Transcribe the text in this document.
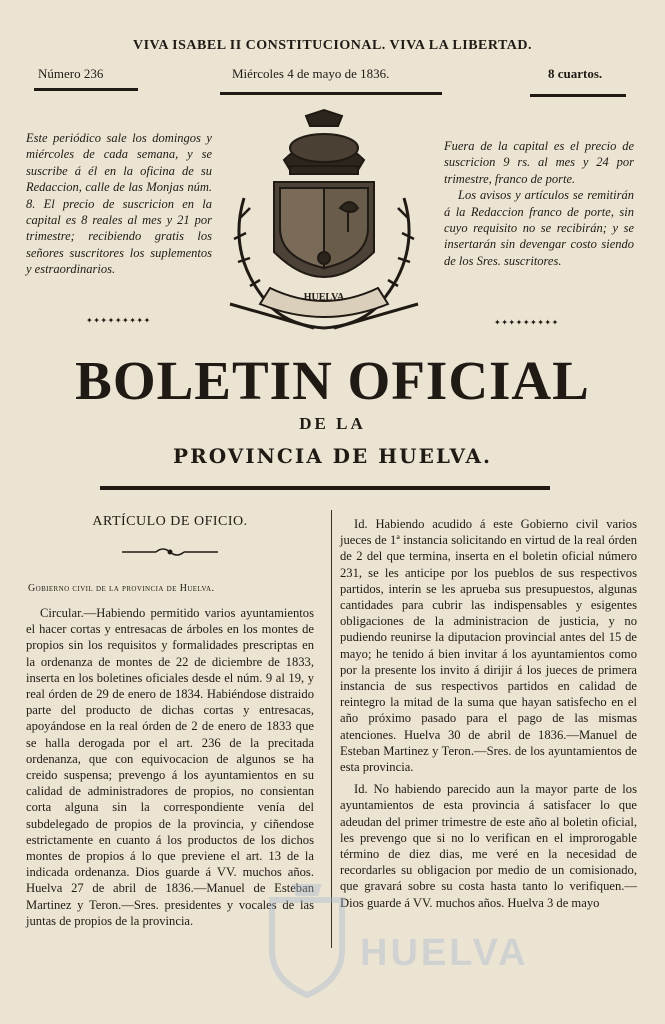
VIVA ISABEL II CONSTITUCIONAL. VIVA LA LIBERTAD.
Número 236	Miércoles 4 de mayo de 1836.	8 cuartos.
Este periódico sale los domingos y miércoles de cada semana, y se suscribe á él en la oficina de su Redaccion, calle de las Monjas núm. 8. El precio de suscricion en la capital es 8 reales al mes y 21 por trimestre; recibiendo gratis los señores suscritores los suplementos y estraordinarios.
✦✦✦✦✦✦✦✦✦

Fuera de la capital es el precio de suscricion 9 rs. al mes y 24 por trimestre, franco de porte.

Los avisos y artículos se remitirán á la Redaccion franco de porte, sin cuyo requisito no se recibirán; y se insertarán sin devengar costo siendo de los Sres. suscritores.

✦✦✦✦✦✦✦✦✦
HUELVA
BOLETIN OFICIAL
DE LA
PROVINCIA DE HUELVA.
ARTÍCULO DE OFICIO.
Gobierno civil de la provincia de Huelva.

Circular.—Habiendo permitido varios ayuntamientos el hacer cortas y entresacas de árboles en los montes de propios sin los requisitos y formalidades prescriptas en la ordenanza de montes de 22 de diciembre de 1833, inserta en los boletines oficiales desde el núm. 9 al 19, y real órden de 29 de enero de 1834. Habiéndose distraido parte del producto de dichas cortas y entresacas, apoyándose en la real órden de 2 de enero de 1833 que se halla derogada por el art. 236 de la precitada ordenanza, que con equivocacion de algunos se ha creido suspensa; prevengo á los ayuntamientos en su calidad de administradores de propios, no consientan corta alguna sin la correspondiente venía del subdelegado de propios de la provincia, y ciñendose estrictamente en cuanto á los productos de los dichos montes de propios á lo que previene el art. 13 de la indicada ordenanza. Dios guarde á VV. muchos años. Huelva 27 de abril de 1836.—Manuel de Esteban Martinez y Teron.—Sres. presidentes y vocales de las juntas de propios de la provincia.

Id. Habiendo acudido á este Gobierno civil varios jueces de 1ª instancia solicitando en virtud de la real órden de 2 del que termina, inserta en el boletin oficial número 231, se les anticipe por los pueblos de sus respectivos partidos, interin se les aprueba sus presupuestos, algunas cantidades para cubrir las indispensables y esigentes obligaciones de la administracion de justicia, y no pudiendo reunirse la diputacion provincial antes del 15 de mayo; he tenido á bien invitar á los ayuntamientos como por la presente los invito á dirijir á los jueces de primera instancia de sus respectivos partidos en calidad de reintegro la mitad de la suma que hayan satisfecho en el año próximo pasado para el pago de las mismas atenciones. Huelva 30 de abril de 1836.—Manuel de Esteban Martinez y Teron.—Sres. de los ayuntamientos de esta provincia.

Id. No habiendo parecido aun la mayor parte de los ayuntamientos de esta provincia á satisfacer lo que adeudan del primer trimestre de este año al boletin oficial, les prevengo que si no lo verifican en el improrogable término de diez dias, me veré en la necesidad de recordarles su obligacion por medio de un comisionado, que gravará sobre su costa hasta tanto lo verifiquen.—Dios guarde á VV. muchos años. Huelva 3 de mayo

HUELVA
